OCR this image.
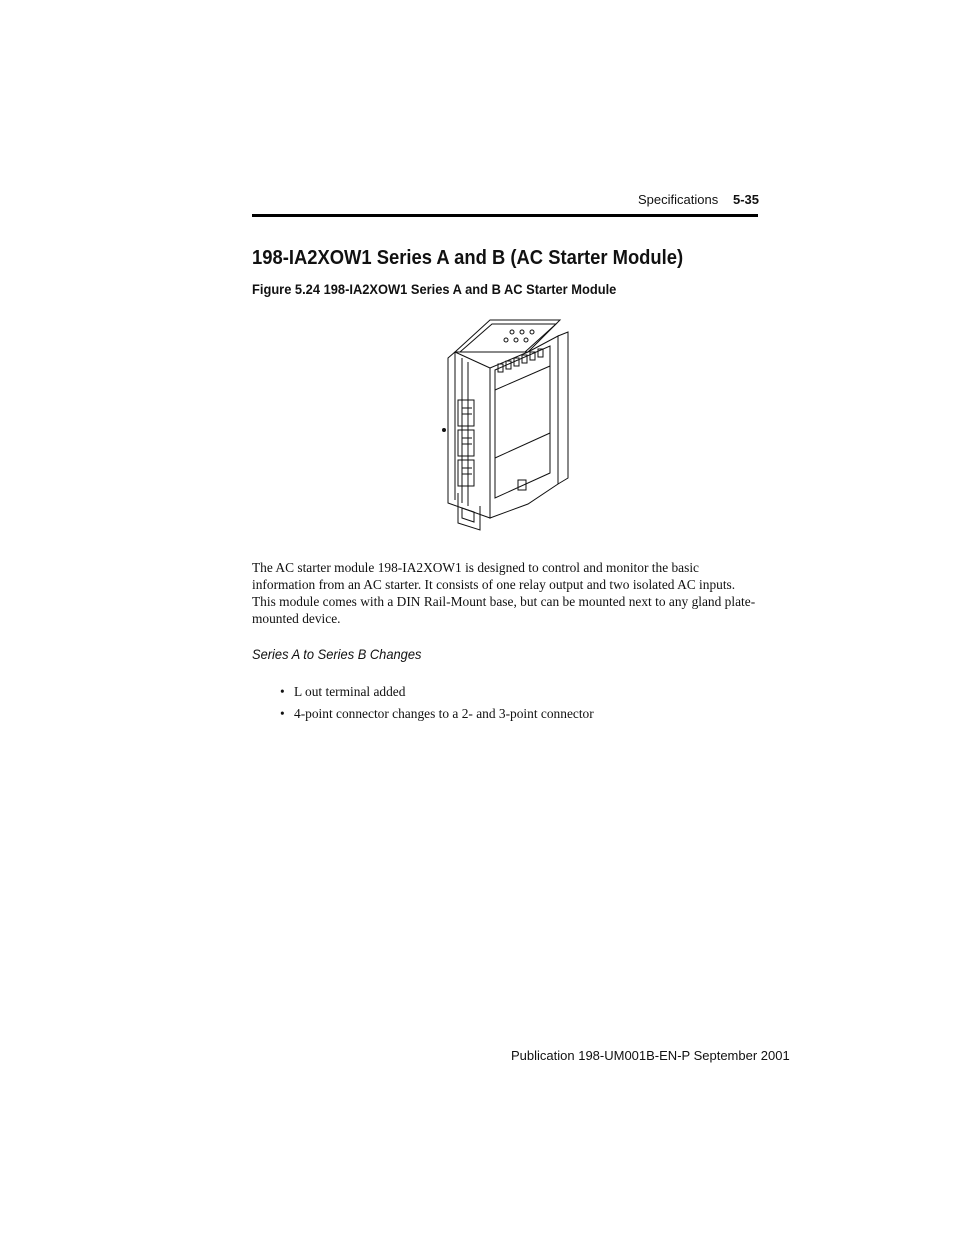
Specifications 5-35
198-IA2XOW1 Series A and B (AC Starter Module)
Figure 5.24 198-IA2XOW1 Series A and B AC Starter Module
The AC starter module 198-IA2XOW1 is designed to control and monitor the basic information from an AC starter. It consists of one relay output and two isolated AC inputs. This module comes with a DIN Rail-Mount base, but can be mounted next to any gland plate-mounted device.
Series A to Series B Changes
• L out terminal added
• 4-point connector changes to a 2- and 3-point connector
Publication 198-UM001B-EN-P September 2001
